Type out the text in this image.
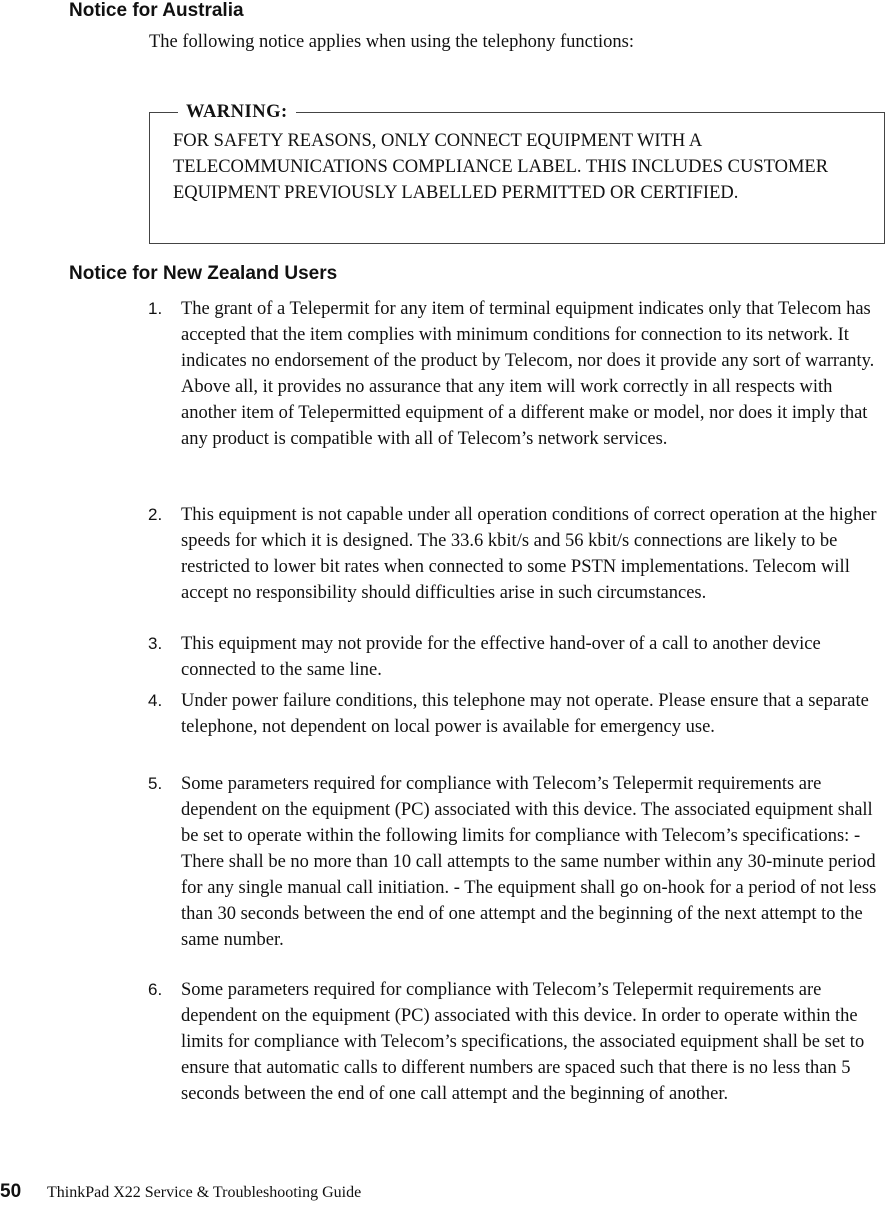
Notice for Australia

The following notice applies when using the telephony functions:

WARNING:

FOR SAFETY REASONS, ONLY CONNECT EQUIPMENT WITH A TELECOMMUNICATIONS COMPLIANCE LABEL. THIS INCLUDES CUSTOMER EQUIPMENT PREVIOUSLY LABELLED PERMITTED OR CERTIFIED.

Notice for New Zealand Users
1. The grant of a Telepermit for any item of terminal equipment indicates only that Telecom has accepted that the item complies with minimum conditions for connection to its network. It indicates no endorsement of the product by Telecom, nor does it provide any sort of warranty. Above all, it provides no assurance that any item will work correctly in all respects with another item of Telepermitted equipment of a different make or model, nor does it imply that any product is compatible with all of Telecom’s network services.
2. This equipment is not capable under all operation conditions of correct operation at the higher speeds for which it is designed. The 33.6 kbit/s and 56 kbit/s connections are likely to be restricted to lower bit rates when connected to some PSTN implementations. Telecom will accept no responsibility should difficulties arise in such circumstances.
3. This equipment may not provide for the effective hand-over of a call to another device connected to the same line.
4. Under power failure conditions, this telephone may not operate. Please ensure that a separate telephone, not dependent on local power is available for emergency use.
5. Some parameters required for compliance with Telecom’s Telepermit requirements are dependent on the equipment (PC) associated with this device. The associated equipment shall be set to operate within the following limits for compliance with Telecom’s specifications: - There shall be no more than 10 call attempts to the same number within any 30-minute period for any single manual call initiation. - The equipment shall go on-hook for a period of not less than 30 seconds between the end of one attempt and the beginning of the next attempt to the same number.
6. Some parameters required for compliance with Telecom’s Telepermit requirements are dependent on the equipment (PC) associated with this device. In order to operate within the limits for compliance with Telecom’s specifications, the associated equipment shall be set to ensure that automatic calls to different numbers are spaced such that there is no less than 5 seconds between the end of one call attempt and the beginning of another.
50 ThinkPad X22 Service & Troubleshooting Guide
